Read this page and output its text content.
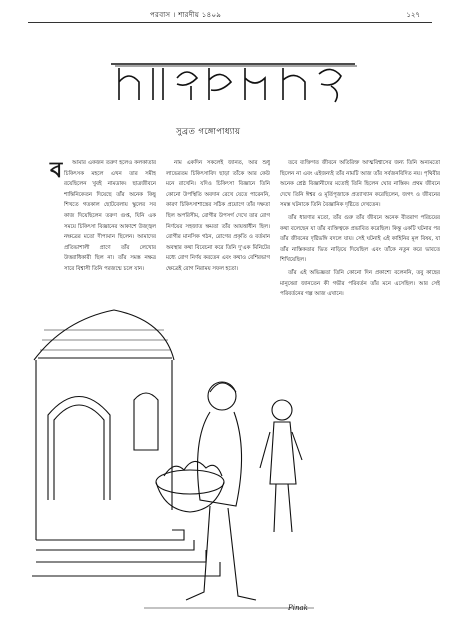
পরবাস । শারদীয় ১৪০৯	১২৭
সুব্রত গঙ্গোপাধ্যায়
ব	আমার একজন তরুণ হলেও কলকাতার চিকিৎসক মহলে এখন তার সমীহ রয়েছিলেন খুবই নামডাক। ছাত্রজীবনে শান্তিনিকেতন দিয়েছে তাঁর অনেক কিছু শিখতে গতকাল ছোটবেলায় স্কুলের সব কাজ দিয়েছিলেন তরুণ গুপ্ত, যিনি এক সময়ে চিকিৎসা বিজ্ঞানের আকাশে উজ্জ্বল নক্ষত্রের মতো দীপ্যমান ছিলেন। আমাদের প্রতিভাশালী প্রাণে তাঁর লেখোর উত্তরাধিকারী ছিল না। তাঁর সমস্ত নক্ষত্র সারে বিশ্বাসী তিনি পরজন্মে চলে যান।

নাম একদিন সকলেই জানত, আর শুধু লাভেরতম চিকিৎসাবিদ ছাড়া তাঁকে আর কেউ মনে রাখেনি। যদিও চিকিৎসা বিজ্ঞানে তিনি কোনো উপস্থিতি অবদান রেখে যেতে পারেননি, কারণ চিকিৎসাশাস্ত্রের সঠিক প্রয়োগে তাঁর দক্ষতা ছিল অপরিসীম, রোগীর উপসর্গ দেখে তার রোগ নির্ণয়ের সহজাত ক্ষমতা তাঁর আয়ত্তাধীন ছিল। রোগীর মানসিক গঠন, রোগের প্রকৃতি ও বর্তমান অবস্থার কথা বিবেচনা করে তিনি দু'এক মিনিটের মধ্যে রোগ নির্ণয় করতেন এবং কথাও বেশিরভাগ ক্ষেত্রেই রোগ নিরাময় সফল হতো।

তবে ব্যক্তিগত জীবনে অতিরিক্ত আত্মবিশ্বাসের জন্য তিনি অন্যমতো ছিলেন না এবং এইজন্যই তাঁর নামটি আজ তাঁর সর্বজনবিদিত নয়। পৃথিবীর অনেক শ্রেষ্ঠ বিজ্ঞানীদের মতোই তিনি ছিলেন ঘোর নাস্তিক। প্রথম জীবনে দেখে তিনি ঈশ্বর ও মূর্তিপূজাকে প্রত্যাখ্যান করেছিলেন, জগৎ ও জীবনের সমস্ত ঘটনাকে তিনি বৈজ্ঞানিক দৃষ্টিতে দেখতেন।

তাঁর ধারণার মতো, তাঁর গুরু তাঁর জীবনে অনেক বীতরাগ পরিচয়ের কথা বলেছেন যা তাঁর ব্যক্তিত্বকে প্রভাবিত করেছিল। কিন্তু একটি ঘটনার পর তাঁর জীবনের দৃষ্টিভঙ্গি বদলে যায়। সেই ঘটনাই এই কাহিনির মূল বিষয়, যা তাঁর নাস্তিকতার ভিত নাড়িয়ে দিয়েছিল এবং তাঁকে নতুন করে ভাবতে শিখিয়েছিল।

তাঁর এই অভিজ্ঞতা তিনি কোনো দিন প্রকাশ্যে বলেননি, তবু কাছের মানুষেরা জানতেন কী গভীর পরিবর্তন তাঁর মনে এসেছিল। আর সেই পরিবর্তনের গল্প আজ এখানে।

Pinak
